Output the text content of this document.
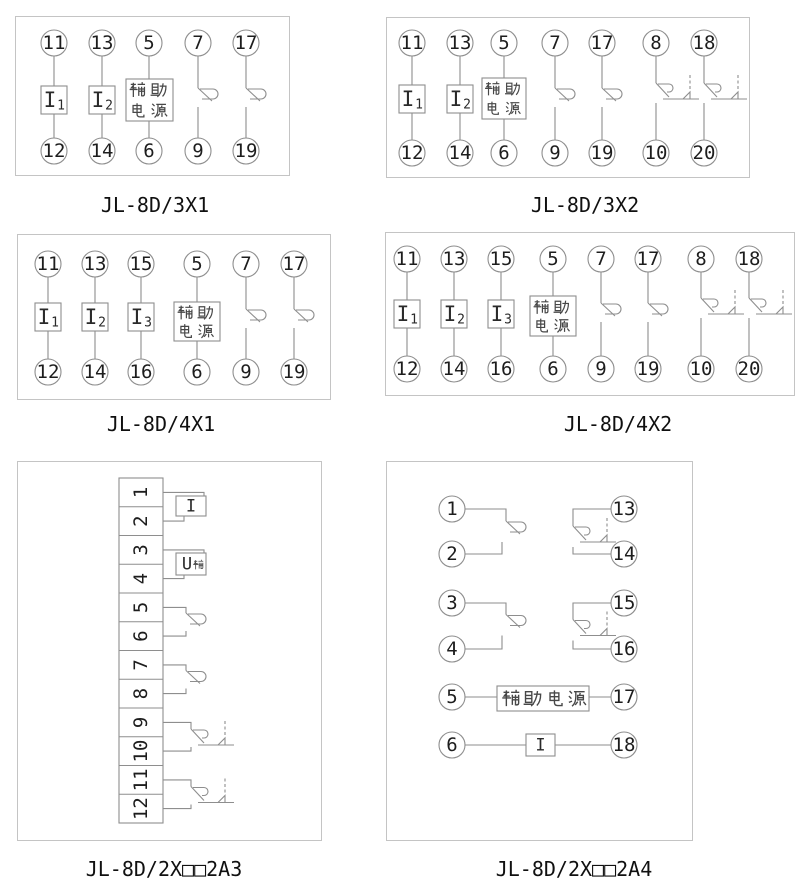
11 13 5 7 17
12 14 6 9 19
I 1 I 2
JL-8D/3X1
11 13 5 7 17 8 18
12 14 6 9 19 10 20
I 1 I 2
JL-8D/3X2
11 13 15 5 7 17
12 14 16 6 9 19
I 1 I 2 I 3
JL-8D/4X1
11 13 15 5 7 17 8 18
12 14 16 6 9 19 10 20
I 1 I 2 I 3
JL-8D/4X2
1
2
3
4
5
6
7
8
9
10
11
12
I
U
JL-8D/2X□□2A3
1
2
3
4
5
6
13
14
15
16
17
18
I
JL-8D/2X□□2A4
